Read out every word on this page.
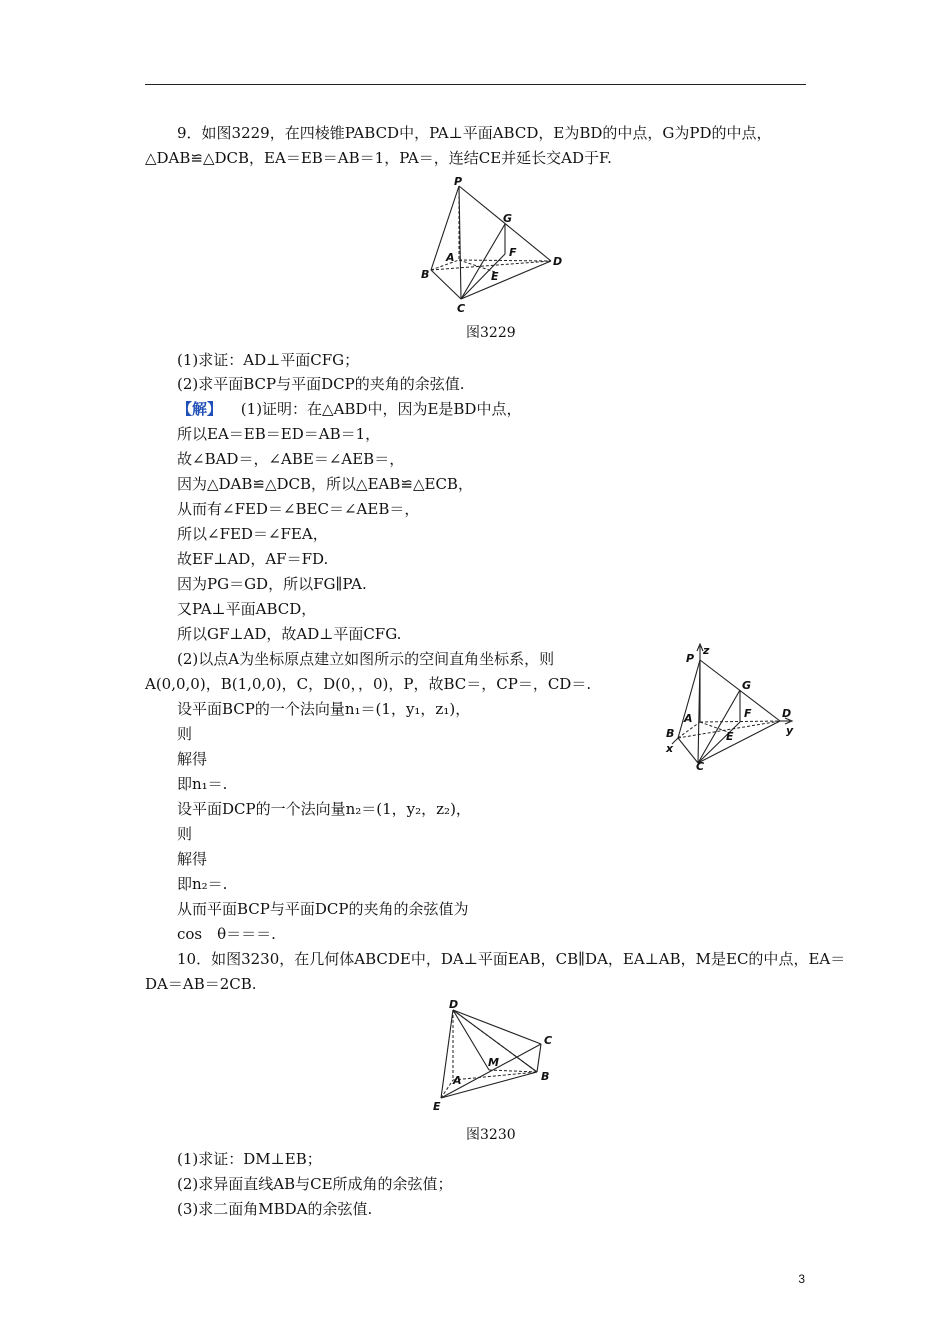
9．如图3229，在四棱锥PABCD中，PA⊥平面ABCD，E为BD的中点，G为PD的中点，
△DAB≌△DCB，EA＝EB＝AB＝1，PA＝，连结CE并延长交AD于F.
P
G
A	F
D
B	E
C
图3229
(1)求证：AD⊥平面CFG；
(2)求平面BCP与平面DCP的夹角的余弦值.
【解】 (1)证明：在△ABD中，因为E是BD中点，
所以EA＝EB＝ED＝AB＝1，
故∠BAD＝，∠ABE＝∠AEB＝，
因为△DAB≌△DCB，所以△EAB≌△ECB，
从而有∠FED＝∠BEC＝∠AEB＝，
所以∠FED＝∠FEA，
故EF⊥AD，AF＝FD.
因为PG＝GD，所以FG∥PA.
又PA⊥平面ABCD，
所以GF⊥AD，故AD⊥平面CFG.
(2)以点A为坐标原点建立如图所示的空间直角坐标系，则
A(0,0,0)，B(1,0,0)，C，D(0，，0)，P，故BC＝，CP＝，CD＝.
设平面BCP的一个法向量n₁＝(1，y₁，z₁)，
则
解得
即n₁＝.
设平面DCP的一个法向量n₂＝(1，y₂，z₂)，
则
解得
即n₂＝.
从而平面BCP与平面DCP的夹角的余弦值为
cos　θ＝＝＝.
P
z
G
F	D
A
B
x
E	y
C
10．如图3230，在几何体ABCDE中，DA⊥平面EAB，CB∥DA，EA⊥AB，M是EC的中点，EA＝
DA＝AB＝2CB.
D
C
M
A	B
E
图3230
(1)求证：DM⊥EB；
(2)求异面直线AB与CE所成角的余弦值；
(3)求二面角MBDA的余弦值.
3
